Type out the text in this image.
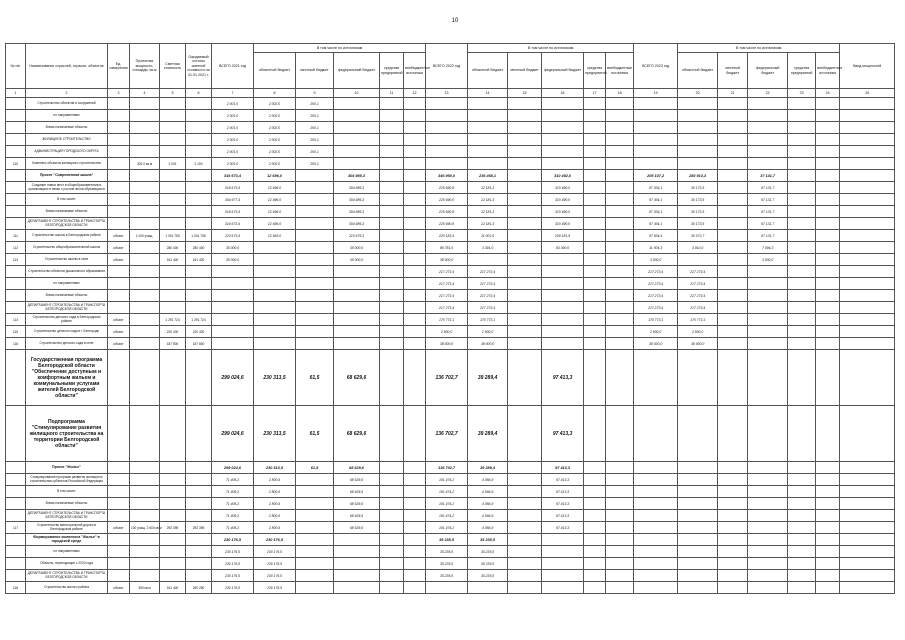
10
№ п/п	Наименование отраслей, отрасли, объектов	Ед. измерения	Проектная мощность, площадь, кв.м	Сметная стоимость	Ожидаемый остаток сметной стоимости на 01.01.2021 г.	ВСЕГО 2021 год	В том числе по источникам					ВСЕГО 2022 год	В том числе по источникам					ВСЕГО 2023 год	В том числе по источникам					Ввод мощностей	
							областной бюджет	местный бюджет	федеральный бюджет	средства предприятий	внебюджетные источники		областной бюджет	местный бюджет	федеральный бюджет	средства предприятий	внебюджетные источники		областной бюджет	местный бюджет	федеральный бюджет	средства предприятий	внебюджетные источники		
1	2	3	4	5	6	7	8	9	10	11	12	13	14	15	16	17	18	19	20	21	22	23	24	25	
	Строительство объектов и сооружений					2 001,0	2 002,0	200,1																	
	по направлениям					2 001,0	2 002,0	200,1																	
	Вновь начинаемые объекты					2 001,0	2 002,0	200,1																	
	ЖИЛИЩНОЕ СТРОИТЕЛЬСТВО					2 001,0	2 002,0	200,1																	
	АДМИНИСТРАЦИЯ ГОРОДСКОГО ОКРУГА					2 001,0	2 002,0	200,1																	
110	Комплекс объектов жилищного строительства		302,0 кв.м	2 001	2 100	2 001,0	2 002,0	200,1																	
	Проект "Современная школа"					316 673,4	12 696,0		304 985,3			346 950,0	236 468,1		310 492,0			205 107,2	280 913,3		37 141,7				
	Создание новых мест в общеобразовательных организациях в связи с ростом числа обучающихся					316 673,4	12 696,0		304 985,3			225 690,8	12 181,3		310 490,0			97 304,1	30 173,5		67 131,7				
	В том числе:					304 977,4	12 996,0		304 985,3			225 690,0	12 181,3		310 490,0			97 304,1	30 173,5		67 131,7				
	Вновь начинаемые объекты					316 673,4	12 696,0		304 985,3			225 690,8	12 181,3		310 490,0			97 304,1	30 173,5		67 131,7				
	ДЕПАРТАМЕНТ СТРОИТЕЛЬСТВА И ТРАНСПОРТА БЕЛГОРОДСКОЙ ОБЛАСТИ					316 673,4	12 696,0		304 985,3			225 690,8	12 181,3		310 490,0			97 304,1	30 173,5		67 131,7				
111	Строительство школы в Белгородском районе	объект	1 000 учащ.	1 001 755	1 001 755	223 673,4	12 693,0		210 975,3			220 183,4	11 001,5		209 181,9			97 504,4	30 072,7		67 131,7				
112	Строительство общеобразовательной школы	объект		280 400	280 400	35 000,0			35 000,0			86 781,0	3 391,0		83 390,0			11 004,3	3 910,0		7 094,3				
113	Строительство школы в селе	объект		161 400	161 400	35 000,0			35 000,0			38 000,0						3 000,0			3 000,0				
	Строительство объектов дошкольного образования											217 273,4	217 273,4					217 273,4	217 273,4						
	по направлениям											217 273,4	217 273,4					217 273,4	217 273,4						
	Вновь начинаемые объекты											217 273,4	217 273,4					217 273,4	217 273,4						
	ДЕПАРТАМЕНТ СТРОИТЕЛЬСТВА И ТРАНСПОРТА БЕЛГОРОДСКОЙ ОБЛАСТИ											217 273,4	217 273,4					217 273,4	217 273,4						
114	Строительство детского сада в Белгородском районе	объект		1 291 724	1 291 724							170 773,1	170 773,1					170 773,1	170 773,1						
115	Строительство детского сада в г. Белгороде	объект		220 400	220 400							2 500,0	2 500,0					2 500,0	2 500,0						
116	Строительство детского сада в селе	объект		187 800	187 800							38 000,0	38 000,0					38 000,0	38 000,0						
	Государственная программа Белгородской области "Обеспечение доступным и комфортным жильем и коммунальными услугами жителей Белгородской области"					299 024,6	230 313,5	61,5	68 629,6			136 702,7	39 289,4		97 413,3										
	Подпрограмма "Стимулирование развития жилищного строительства на территории Белгородской области"					299 024,6	230 313,5	61,5	68 629,6			136 702,7	39 289,4		97 413,3										
	Проект "Жилье"					299 024,6	230 313,5	61,5	68 629,6			136 702,7	39 289,4		97 413,3										
	Стимулирование программ развития жилищного строительства субъектов Российской Федерации					71 405,2	2 800,6		68 629,6			101 474,2	4 056,9		97 413,3										
	В том числе:					71 405,2	2 800,6		68 629,6			101 474,2	4 056,9		97 413,3										
	Вновь начинаемые объекты					71 405,2	2 800,6		68 629,6			101 474,2	4 056,9		97 413,3										
	ДЕПАРТАМЕНТ СТРОИТЕЛЬСТВА И ТРАНСПОРТА БЕЛГОРОДСКОЙ ОБЛАСТИ					71 405,2	2 800,6		68 629,6			101 474,2	4 056,9		97 413,3										
117	Строительство магистральной дороги в Белгородском районе	объект	100 учащ. 2 600 кв.м	292 395	292 395	71 405,2	2 800,6		68 629,6			101 474,2	4 056,9		97 413,3										
	Формирование комплекса "Жилье" в городской среде					230 176,5	230 176,5					35 235,5	35 235,5												
	по направлениям					230 176,5	230 176,5					35 235,5	35 235,5												
	Объекты, переходящие с 2020 года					230 176,5	230 176,5					35 235,5	35 235,5												
	ДЕПАРТАМЕНТ СТРОИТЕЛЬСТВА И ТРАНСПОРТА БЕЛГОРОДСКОЙ ОБЛАСТИ					230 176,5	230 176,5					35 235,5	35 235,5												
118	Строительство жилого района	объект	350 кв.м	161 400	260 250	230 176,5	230 176,5																		
